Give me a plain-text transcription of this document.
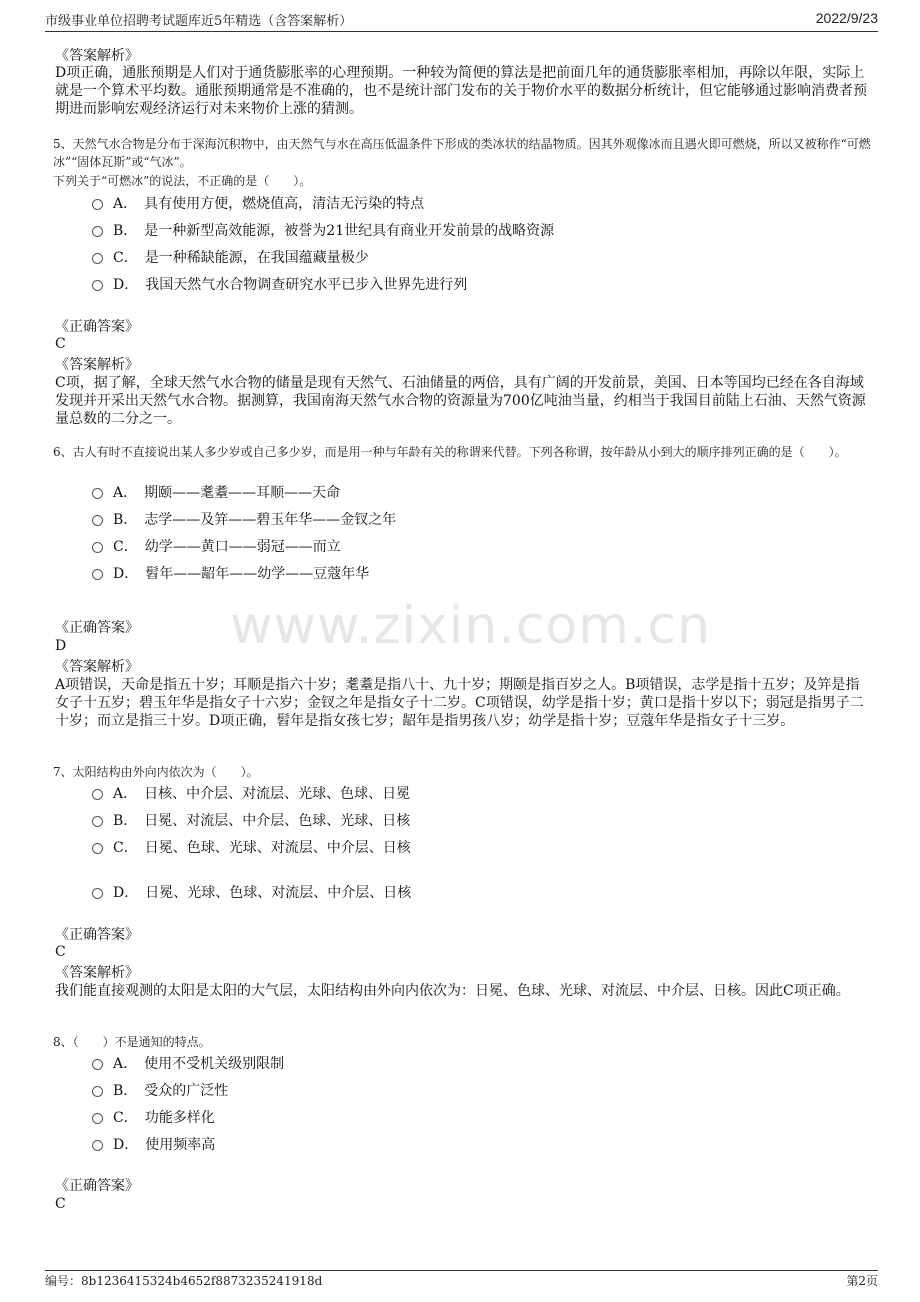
市级事业单位招聘考试题库近5年精选（含答案解析）	2022/9/23
www.zixin.com.cn
《答案解析》
D项正确，通胀预期是人们对于通货膨胀率的心理预期。一种较为简便的算法是把前面几年的通货膨胀率相加，再除以年限，实际上就是一个算术平均数。通胀预期通常是不准确的，也不是统计部门发布的关于物价水平的数据分析统计，但它能够通过影响消费者预期进而影响宏观经济运行对未来物价上涨的猜测。
5、天然气水合物是分布于深海沉积物中，由天然气与水在高压低温条件下形成的类冰状的结晶物质。因其外观像冰而且遇火即可燃烧，所以又被称作“可燃冰”“固体瓦斯”或“气冰”。
下列关于“可燃冰”的说法，不正确的是（　　）。
A．　具有使用方便，燃烧值高，清洁无污染的特点
B．　是一种新型高效能源，被誉为21世纪具有商业开发前景的战略资源
C．　是一种稀缺能源，在我国蕴藏量极少
D．　我国天然气水合物调查研究水平已步入世界先进行列
《正确答案》
C
《答案解析》
C项，据了解，全球天然气水合物的储量是现有天然气、石油储量的两倍，具有广阔的开发前景，美国、日本等国均已经在各自海域发现并开采出天然气水合物。据测算，我国南海天然气水合物的资源量为700亿吨油当量，约相当于我国目前陆上石油、天然气资源量总数的二分之一。
6、古人有时不直接说出某人多少岁或自己多少岁，而是用一种与年龄有关的称谓来代替。下列各称谓，按年龄从小到大的顺序排列正确的是（　　）。
A．　期颐——耄耋——耳顺——天命
B．　志学——及笄——碧玉年华——金钗之年
C．　幼学——黄口——弱冠——而立
D．　髫年——龆年——幼学——豆蔻年华
《正确答案》
D
《答案解析》
A项错误，天命是指五十岁；耳顺是指六十岁；耄耋是指八十、九十岁；期颐是指百岁之人。B项错误，志学是指十五岁；及笄是指女子十五岁；碧玉年华是指女子十六岁；金钗之年是指女子十二岁。C项错误，幼学是指十岁；黄口是指十岁以下；弱冠是指男子二十岁；而立是指三十岁。D项正确，髫年是指女孩七岁；龆年是指男孩八岁；幼学是指十岁；豆蔻年华是指女子十三岁。
7、太阳结构由外向内依次为（　　）。
A．　日核、中介层、对流层、光球、色球、日冕
B．　日冕、对流层、中介层、色球、光球、日核
C．　日冕、色球、光球、对流层、中介层、日核
D．　日冕、光球、色球、对流层、中介层、日核
《正确答案》
C
《答案解析》
我们能直接观测的太阳是太阳的大气层，太阳结构由外向内依次为：日冕、色球、光球、对流层、中介层、日核。因此C项正确。
8、（　　）不是通知的特点。
A．　使用不受机关级别限制
B．　受众的广泛性
C．　功能多样化
D．　使用频率高
《正确答案》
C
编号：8b1236415324b4652f8873235241918d	第2页
